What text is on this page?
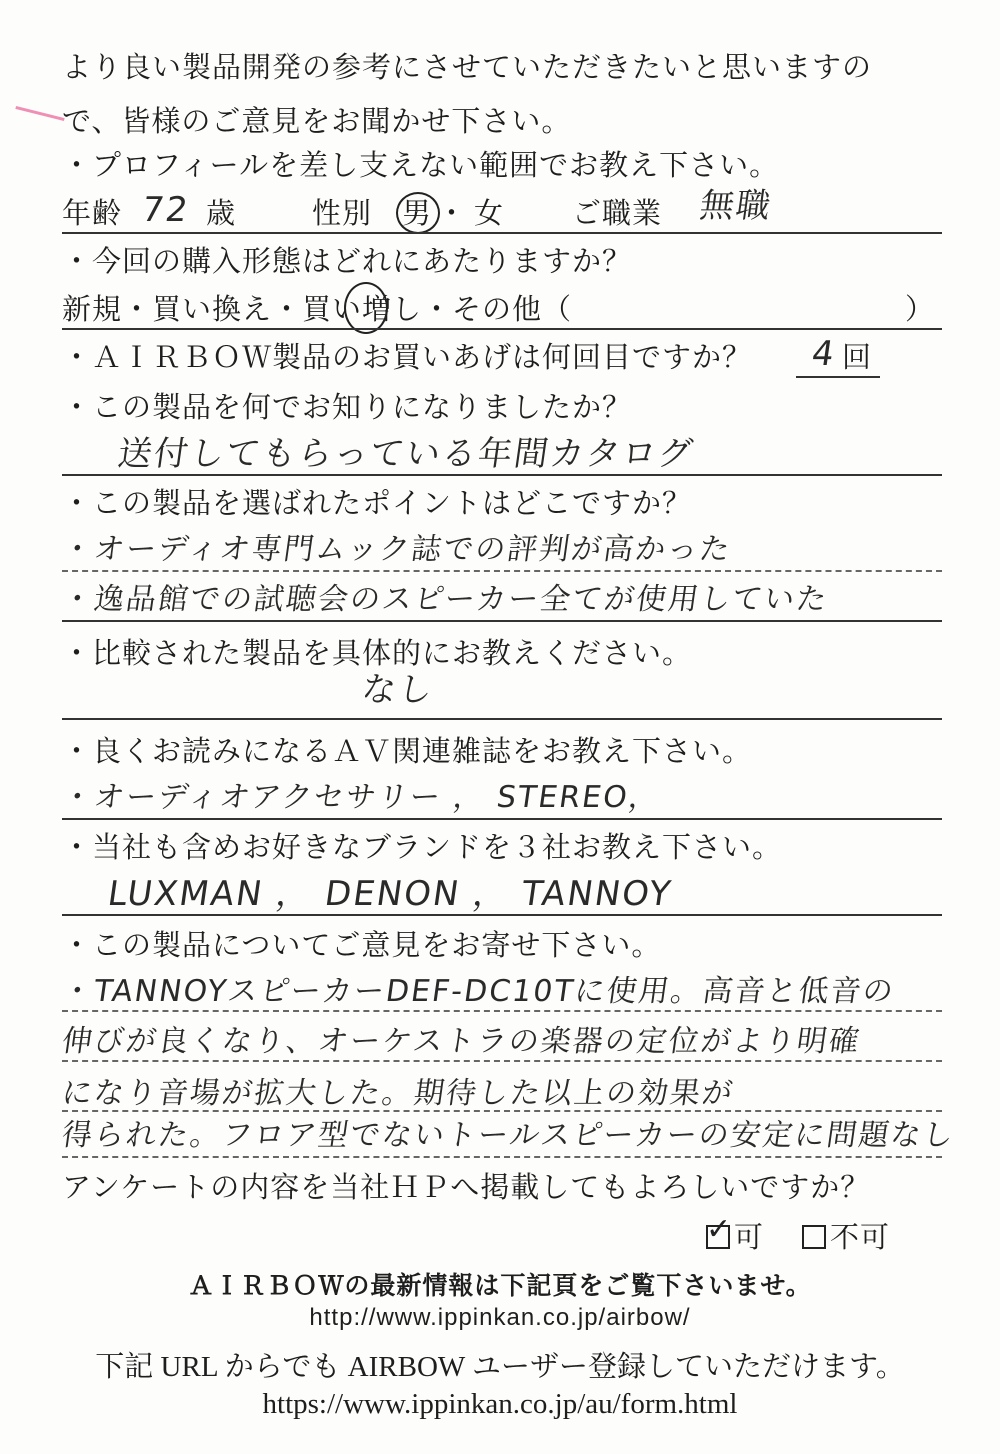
より良い製品開発の参考にさせていただきたいと思いますの
で、皆様のご意見をお聞かせ下さい。
・プロフィールを差し支えない範囲でお教え下さい。
年齢 72 歳	性別 男 ・ 女 ご職業 無職
・今回の購入形態はどれにあたりますか？
新規・買い換え・買い増し・その他（	）
・ＡＩＲＢＯＷ製品のお買いあげは何回目ですか？ 4 回
・この製品を何でお知りになりましたか？
送付してもらっている年間カタログ
・この製品を選ばれたポイントはどこですか？
・オーディオ専門ムック誌での評判が高かった
・逸品館での試聴会のスピーカー全てが使用していた
・比較された製品を具体的にお教えください。
なし
・良くお読みになるＡＶ関連雑誌をお教え下さい。
・オーディオアクセサリー ， STEREO，
・当社も含めお好きなブランドを３社お教え下さい。
LUXMAN ， DENON ， TANNOY
・この製品についてご意見をお寄せ下さい。
・TANNOYスピーカーDEF-DC10Tに使用。高音と低音の
伸びが良くなり、オーケストラの楽器の定位がより明確
になり音場が拡大した。期待した以上の効果が
得られた。フロア型でないトールスピーカーの安定に問題なし
アンケートの内容を当社ＨＰへ掲載してもよろしいですか？
✓ 可	不可
ＡＩＲＢＯＷの最新情報は下記頁をご覧下さいませ。
http://www.ippinkan.co.jp/airbow/
下記 URL からでも AIRBOW ユーザー登録していただけます。
https://www.ippinkan.co.jp/au/form.html
